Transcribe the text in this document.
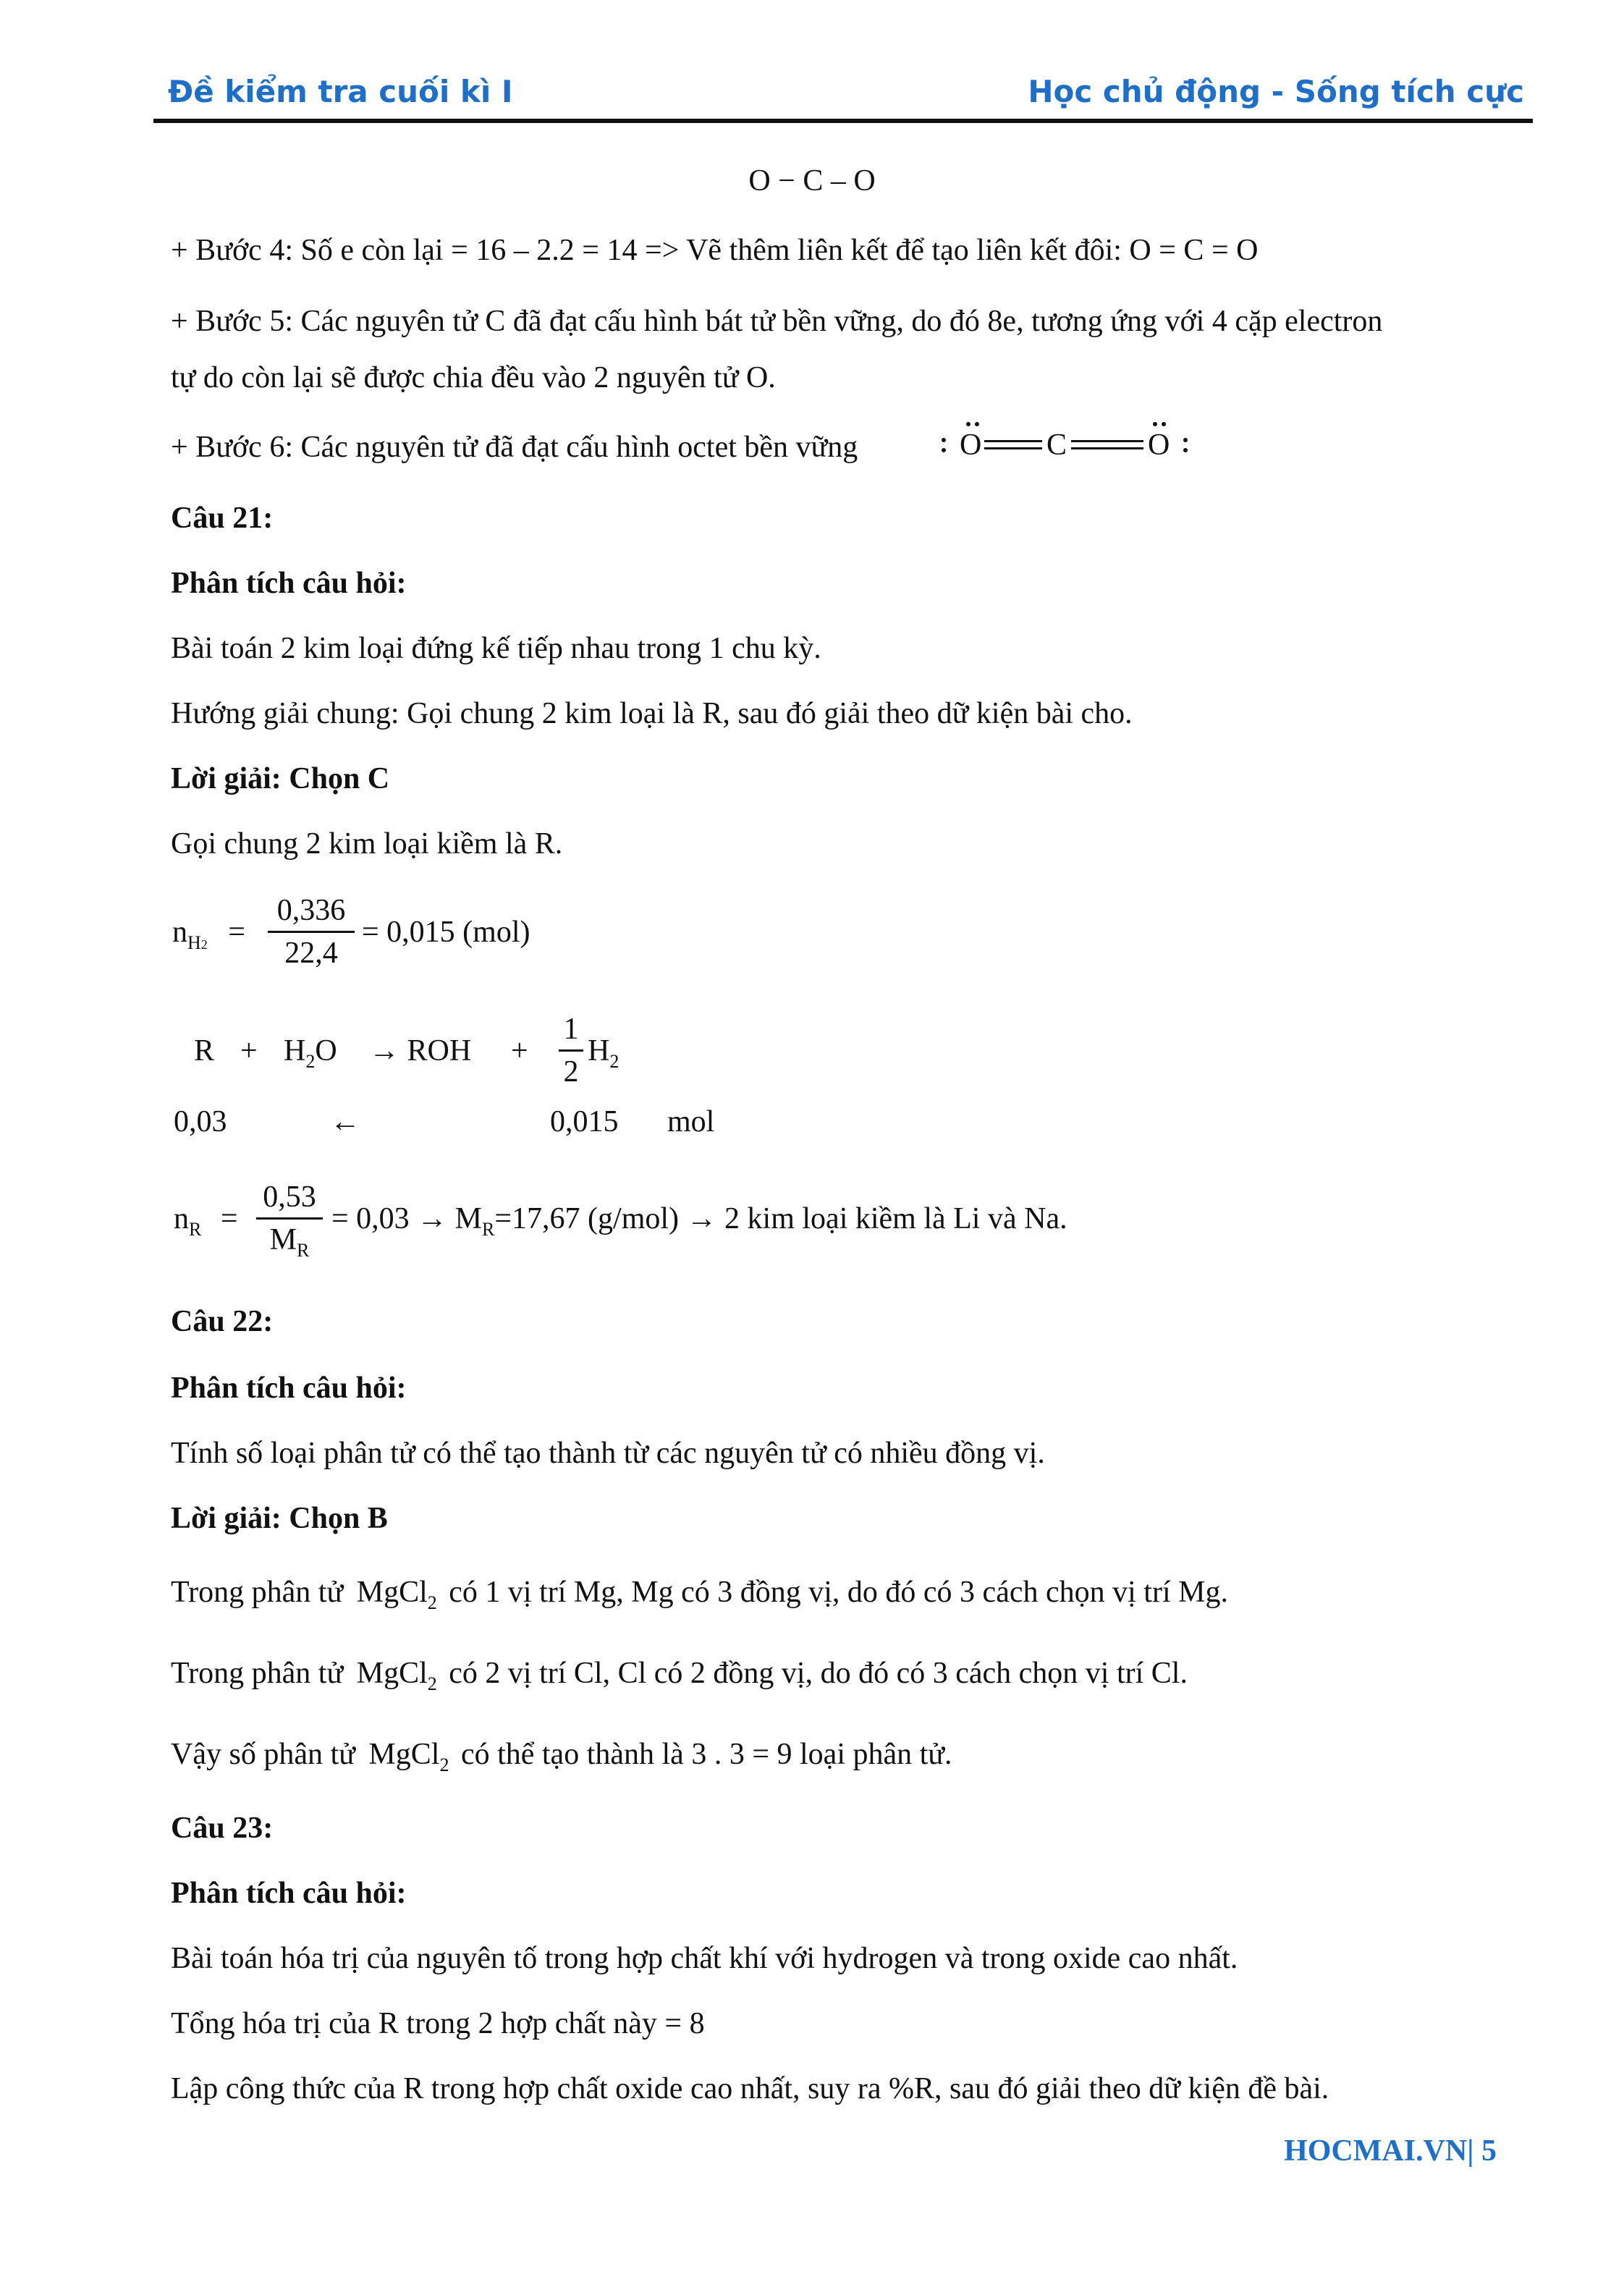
Đề kiểm tra cuối kì I	Học chủ động - Sống tích cực
O − C – O
+ Bước 4: Số e còn lại = 16 – 2.2 = 14 => Vẽ thêm liên kết để tạo liên kết đôi: O = C = O
+ Bước 5: Các nguyên tử C đã đạt cấu hình bát tử bền vững, do đó 8e, tương ứng với 4 cặp electron
tự do còn lại sẽ được chia đều vào 2 nguyên tử O.
+ Bước 6: Các nguyên tử đã đạt cấu hình octet bền vững	O C	O
Câu 21:
Phân tích câu hỏi:
Bài toán 2 kim loại đứng kế tiếp nhau trong 1 chu kỳ.
Hướng giải chung: Gọi chung 2 kim loại là R, sau đó giải theo dữ kiện bài cho.
Lời giải: Chọn C
Gọi chung 2 kim loại kiềm là R.
$n_{H2}$ =
0,336
22,4
= 0,015 (mol)
$R + H_2O$ → ROH +
1
2
$H_2$
0,03	←	0,015 mol
$n_R$ =
0,53
$M_R$
= $0,03 \to M_R=17,67$ (g/mol) → 2 kim loại kiềm là Li và Na.
Câu 22:
Phân tích câu hỏi:
Tính số loại phân tử có thể tạo thành từ các nguyên tử có nhiều đồng vị.
Lời giải: Chọn B
Trong phân tử MgCl$_2$ có 1 vị trí Mg, Mg có 3 đồng vị, do đó có 3 cách chọn vị trí Mg.
Trong phân tử MgCl$_2$ có 2 vị trí Cl, Cl có 2 đồng vị, do đó có 3 cách chọn vị trí Cl.
Vậy số phân tử MgCl$_2$ có thể tạo thành là 3 . 3 = 9 loại phân tử.
Câu 23:
Phân tích câu hỏi:
Bài toán hóa trị của nguyên tố trong hợp chất khí với hydrogen và trong oxide cao nhất.
Tổng hóa trị của R trong 2 hợp chất này = 8
Lập công thức của R trong hợp chất oxide cao nhất, suy ra %R, sau đó giải theo dữ kiện đề bài.
HOCMAI.VN| 5
